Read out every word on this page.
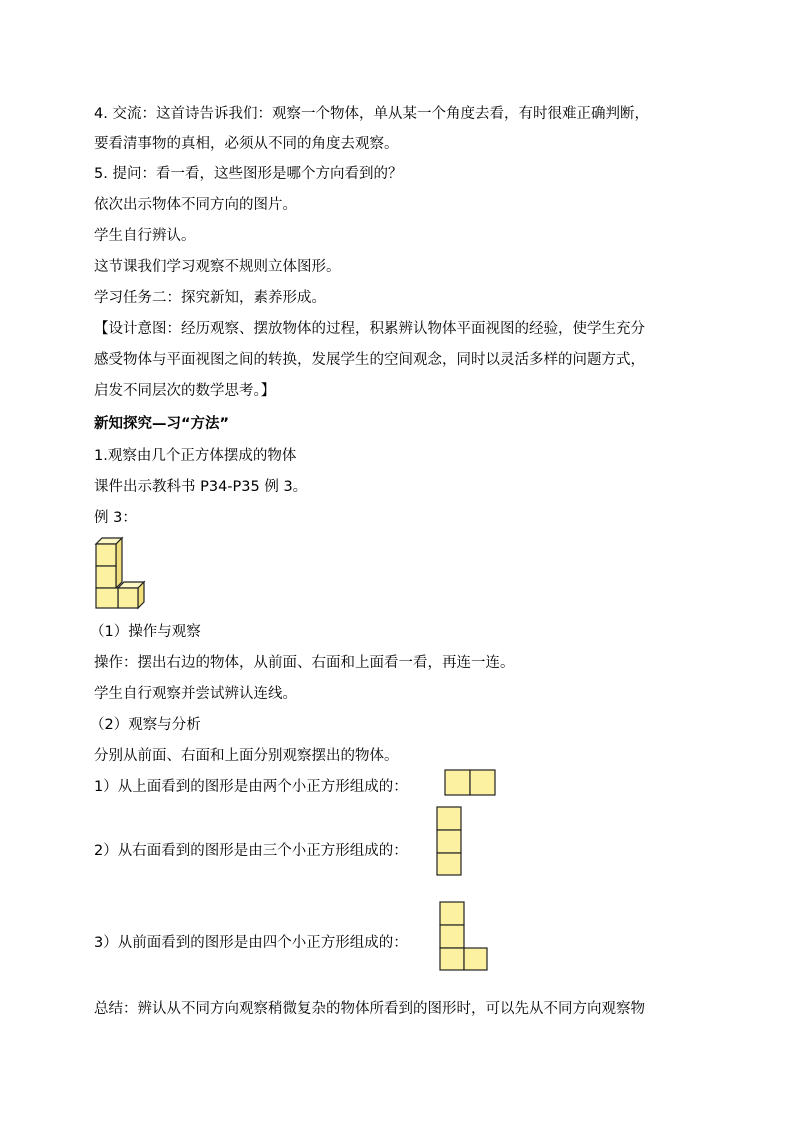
4. 交流：这首诗告诉我们：观察一个物体，单从某一个角度去看，有时很难正确判断，
要看清事物的真相，必须从不同的角度去观察。
5. 提问：看一看，这些图形是哪个方向看到的？
依次出示物体不同方向的图片。
学生自行辨认。
这节课我们学习观察不规则立体图形。
学习任务二：探究新知，素养形成。
【设计意图：经历观察、摆放物体的过程，积累辨认物体平面视图的经验，使学生充分
感受物体与平面视图之间的转换，发展学生的空间观念，同时以灵活多样的问题方式，
启发不同层次的数学思考。】
新知探究—习“方法”
1.观察由几个正方体摆成的物体
课件出示教科书 P34-P35 例 3。
例 3：
（1）操作与观察
操作：摆出右边的物体，从前面、右面和上面看一看，再连一连。
学生自行观察并尝试辨认连线。
（2）观察与分析
分别从前面、右面和上面分别观察摆出的物体。
1）从上面看到的图形是由两个小正方形组成的：
2）从右面看到的图形是由三个小正方形组成的：
3）从前面看到的图形是由四个小正方形组成的：
总结：辨认从不同方向观察稍微复杂的物体所看到的图形时，可以先从不同方向观察物
